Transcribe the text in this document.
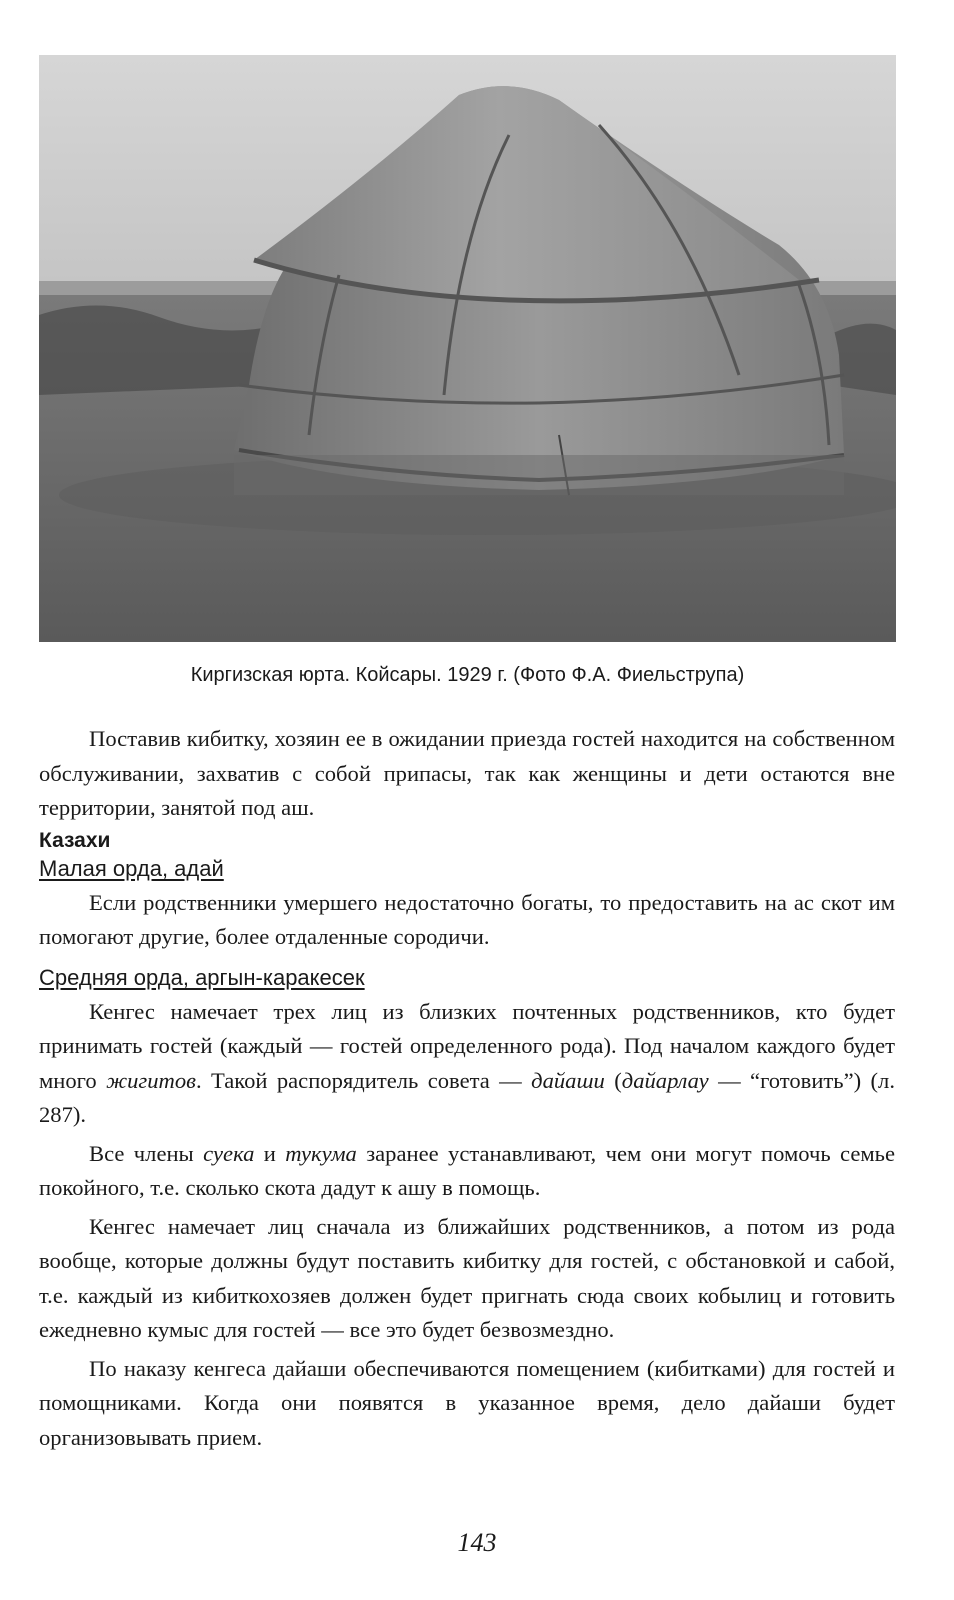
Киргизская юрта. Койсары. 1929 г. (Фото Ф.А. Фиельструпа)

Поставив кибитку, хозяин ее в ожидании приезда гостей находится на собственном обслуживании, захватив с собой припасы, так как женщины и дети остаются вне территории, занятой под аш.

Казахи
Малая орда, адай

Если родственники умершего недостаточно богаты, то предоставить на ас скот им помогают другие, более отдаленные сородичи.

Средняя орда, аргын-каракесек

Кенгес намечает трех лиц из близких почтенных родственников, кто будет принимать гостей (каждый — гостей определенного рода). Под началом каждого будет много жигитов. Такой распорядитель совета — дайаши (дайарлау — “готовить”) (л. 287).

Все члены суека и тукума заранее устанавливают, чем они могут помочь семье покойного, т.е. сколько скота дадут к ашу в помощь.

Кенгес намечает лиц сначала из ближайших родственников, а потом из рода вообще, которые должны будут поставить кибитку для гостей, с обстановкой и сабой, т.е. каждый из кибиткохозяев должен будет пригнать сюда своих кобылиц и готовить ежедневно кумыс для гостей — все это будет безвозмездно.

По наказу кенгеса дайаши обеспечиваются помещением (кибитками) для гостей и помощниками. Когда они появятся в указанное время, дело дайаши будет организовывать прием.

143
